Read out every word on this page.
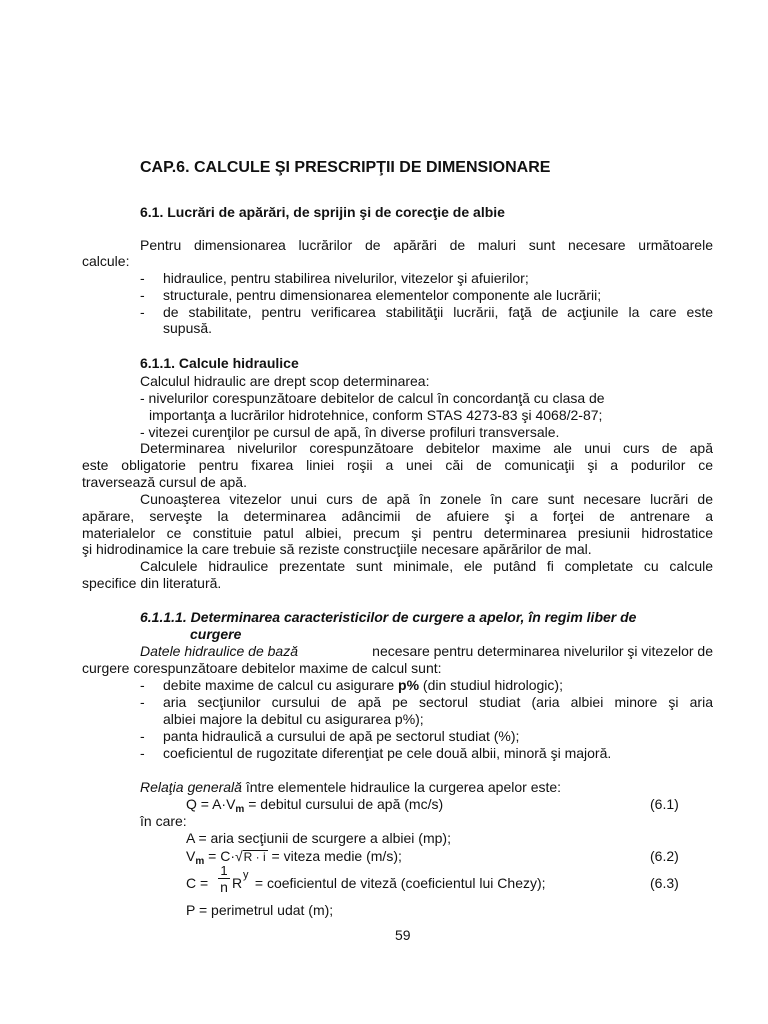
CAP.6. CALCULE ŞI PRESCRIPŢII DE DIMENSIONARE
6.1. Lucrări de apărări, de sprijin şi de corecţie de albie
Pentru dimensionarea lucrărilor de apărări de maluri sunt necesare următoarele
calcule:
- hidraulice, pentru stabilirea nivelurilor, vitezelor şi afuierilor;
- structurale, pentru dimensionarea elementelor componente ale lucrării;
- de stabilitate, pentru verificarea stabilităţii lucrării, faţă de acţiunile la care este
supusă.
6.1.1. Calcule hidraulice
Calculul hidraulic are drept scop determinarea:
- nivelurilor corespunzătoare debitelor de calcul în concordanţă cu clasa de
importanţa a lucrărilor hidrotehnice, conform STAS 4273-83 şi 4068/2-87;
- vitezei curenţilor pe cursul de apă, în diverse profiluri transversale.
Determinarea nivelurilor corespunzătoare debitelor maxime ale unui curs de apă
este obligatorie pentru fixarea liniei roşii a unei căi de comunicaţii şi a podurilor ce
traversează cursul de apă.
Cunoaşterea vitezelor unui curs de apă în zonele în care sunt necesare lucrări de
apărare, serveşte la determinarea adâncimii de afuiere şi a forţei de antrenare a
materialelor ce constituie patul albiei, precum şi pentru determinarea presiunii hidrostatice
şi hidrodinamice la care trebuie să reziste construcţiile necesare apărărilor de mal.
Calculele hidraulice prezentate sunt minimale, ele putând fi completate cu calcule
specifice din literatură.
6.1.1.1. Determinarea caracteristicilor de curgere a apelor, în regim liber de
curgere
Datele hidraulice de bază	necesare pentru determinarea nivelurilor şi vitezelor de
curgere corespunzătoare debitelor maxime de calcul sunt:
- debite maxime de calcul cu asigurare p% (din studiul hidrologic);
- aria secţiunilor cursului de apă pe sectorul studiat (aria albiei minore şi aria
albiei majore la debitul cu asigurarea p%);
- panta hidraulică a cursului de apă pe sectorul studiat (%);
- coeficientul de rugozitate diferenţiat pe cele două albii, minoră şi majoră.
Relaţia generală între elementele hidraulice la curgerea apelor este:
$Q = A\cdot V_m$ = debitul cursului de apă (mc/s)	(6.1)
în care:
A = aria secţiunii de scurgere a albiei (mp);
$V_m = C\cdot√R \cdot i$ = viteza medie (m/s);	(6.2)
C =
1
n R y = coeficientul de viteză (coeficientul lui Chezy);	(6.3)
P = perimetrul udat (m);
59
